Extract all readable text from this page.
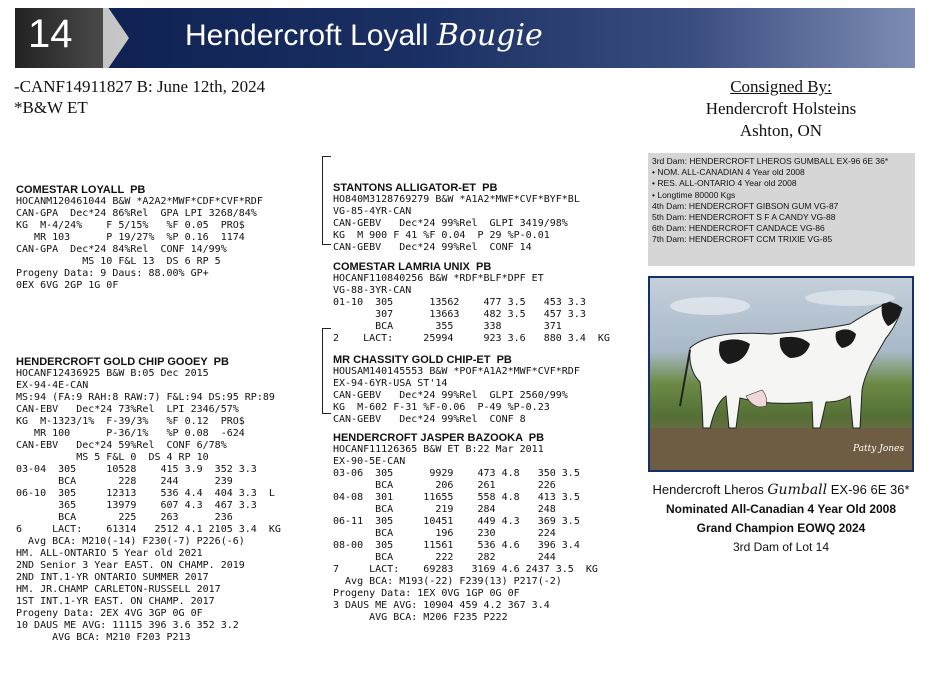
14	Hendercroft Loyall Bougie
-CANF14911827 B: June 12th, 2024
*B&W ET
Consigned By:
Hendercroft Holsteins
Ashton, ON

COMESTAR LOYALL  PB
HOCANM120461044 B&W *A2A2*MWF*CDF*CVF*RDF
CAN-GPA  Dec*24 86%Rel  GPA LPI 3268/84%
KG  M-4/24%    F 5/15%   %F 0.05  PRO$
MR 103      P 19/27%  %P 0.16  1174
CAN-GPA  Dec*24 84%Rel  CONF 14/99%
MS 10 F&L 13  DS 6 RP 5
Progeny Data: 9 Daus: 88.00% GP+
0EX 6VG 2GP 1G 0F

STANTONS ALLIGATOR-ET  PB
HO840M3128769279 B&W *A1A2*MWF*CVF*BYF*BL
VG-85-4YR-CAN
CAN-GEBV   Dec*24 99%Rel  GLPI 3419/98%
KG  M 900 F 41 %F 0.04  P 29 %P-0.01
CAN-GEBV   Dec*24 99%Rel  CONF 14

COMESTAR LAMRIA UNIX  PB
HOCANF110840256 B&W *RDF*BLF*DPF ET
VG-88-3YR-CAN
01-10  305      13562    477 3.5   453 3.3
307      13663    482 3.5   457 3.3
BCA       355     338       371
2    LACT:     25994     923 3.6   880 3.4  KG

HENDERCROFT GOLD CHIP GOOEY  PB
HOCANF12436925 B&W B:05 Dec 2015
EX-94-4E-CAN
MS:94 (FA:9 RAH:8 RAW:7) F&L:94 DS:95 RP:89
CAN-EBV   Dec*24 73%Rel  LPI 2346/57%
KG  M-1323/1%  F-39/3%   %F 0.12  PRO$
MR 100      P-36/1%   %P 0.08  -624
CAN-EBV   Dec*24 59%Rel  CONF 6/78%
MS 5 F&L 0  DS 4 RP 10
03-04  305     10528    415 3.9  352 3.3
BCA       228    244      239
06-10  305     12313    536 4.4  404 3.3  L
365     13979    607 4.3  467 3.3
BCA       225    263      236
6     LACT:    61314   2512 4.1 2105 3.4  KG
Avg BCA: M210(-14) F230(-7) P226(-6)
HM. ALL-ONTARIO 5 Year old 2021
2ND Senior 3 Year EAST. ON CHAMP. 2019
2ND INT.1-YR ONTARIO SUMMER 2017
HM. JR.CHAMP CARLETON-RUSSELL 2017
1ST INT.1-YR EAST. ON CHAMP. 2017
Progeny Data: 2EX 4VG 3GP 0G 0F
10 DAUS ME AVG: 11115 396 3.6 352 3.2
AVG BCA: M210 F203 P213

MR CHASSITY GOLD CHIP-ET  PB
HOUSAM140145553 B&W *POF*A1A2*MWF*CVF*RDF
EX-94-6YR-USA ST'14
CAN-GEBV   Dec*24 99%Rel  GLPI 2560/99%
KG  M-602 F-31 %F-0.06  P-49 %P-0.23
CAN-GEBV   Dec*24 99%Rel  CONF 8

HENDERCROFT JASPER BAZOOKA  PB
HOCANF11126365 B&W ET B:22 Mar 2011
EX-90-5E-CAN
03-06  305      9929    473 4.8   350 3.5
BCA       206    261       226
04-08  301     11655    558 4.8   413 3.5
BCA       219    284       248
06-11  305     10451    449 4.3   369 3.5
BCA       196    230       224
08-00  305     11561    536 4.6   396 3.4
BCA       222    282       244
7     LACT:    69283   3169 4.6 2437 3.5  KG
Avg BCA: M193(-22) F239(13) P217(-2)
Progeny Data: 1EX 0VG 1GP 0G 0F
3 DAUS ME AVG: 10904 459 4.2 367 3.4
AVG BCA: M206 F235 P222

3rd Dam: HENDERCROFT LHEROS GUMBALL EX-96 6E 36*
• NOM. ALL-CANADIAN 4 Year old 2008
• RES. ALL-ONTARIO 4 Year old 2008
• Longtime 80000 Kgs
4th Dam: HENDERCROFT GIBSON GUM VG-87
5th Dam: HENDERCROFT S F A CANDY VG-88
6th Dam: HENDERCROFT CANDACE VG-86
7th Dam: HENDERCROFT CCM TRIXIE VG-85
Patty Jones
Hendercroft Lheros Gumball EX-96 6E 36*
Nominated All-Canadian 4 Year Old 2008
Grand Champion EOWQ 2024
3rd Dam of Lot 14
